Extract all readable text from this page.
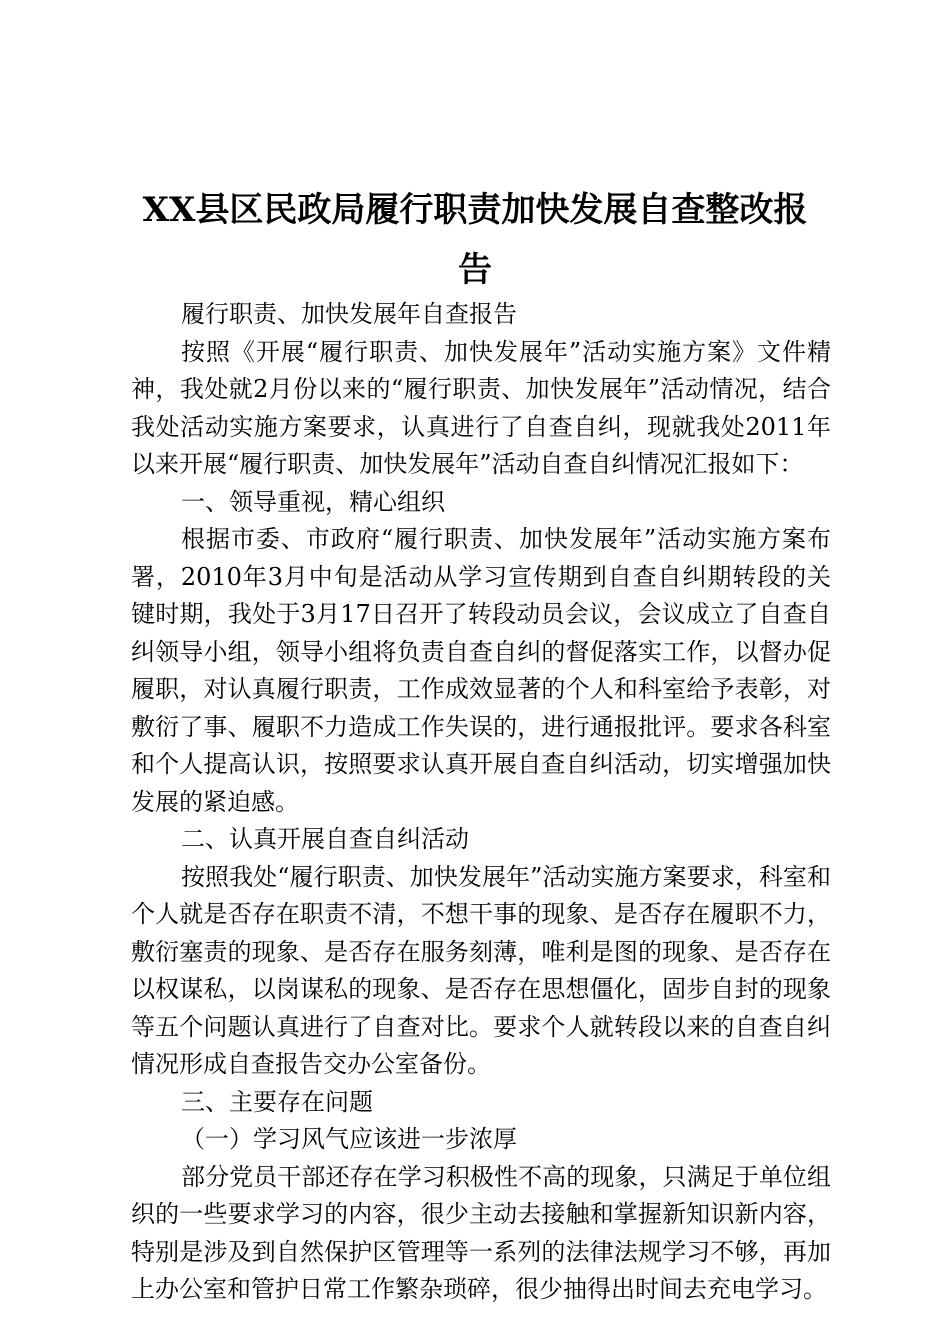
XX县区民政局履行职责加快发展自查整改报
告

履行职责、加快发展年自查报告

按照《开展“履行职责、加快发展年”活动实施方案》文件精神，我处就2月份以来的“履行职责、加快发展年”活动情况，结合我处活动实施方案要求，认真进行了自查自纠，现就我处2011年以来开展“履行职责、加快发展年”活动自查自纠情况汇报如下：

一、领导重视，精心组织

根据市委、市政府“履行职责、加快发展年”活动实施方案布署，2010年3月中旬是活动从学习宣传期到自查自纠期转段的关键时期，我处于3月17日召开了转段动员会议，会议成立了自查自纠领导小组，领导小组将负责自查自纠的督促落实工作，以督办促履职，对认真履行职责，工作成效显著的个人和科室给予表彰，对敷衍了事、履职不力造成工作失误的，进行通报批评。要求各科室和个人提高认识，按照要求认真开展自查自纠活动，切实增强加快发展的紧迫感。

二、认真开展自查自纠活动

按照我处“履行职责、加快发展年”活动实施方案要求，科室和个人就是否存在职责不清，不想干事的现象、是否存在履职不力，敷衍塞责的现象、是否存在服务刻薄，唯利是图的现象、是否存在以权谋私，以岗谋私的现象、是否存在思想僵化，固步自封的现象等五个问题认真进行了自查对比。要求个人就转段以来的自查自纠情况形成自查报告交办公室备份。

三、主要存在问题

（一）学习风气应该进一步浓厚

部分党员干部还存在学习积极性不高的现象，只满足于单位组织的一些要求学习的内容，很少主动去接触和掌握新知识新内容，特别是涉及到自然保护区管理等一系列的法律法规学习不够，再加上办公室和管护日常工作繁杂琐碎，很少抽得出时间去充电学习。
